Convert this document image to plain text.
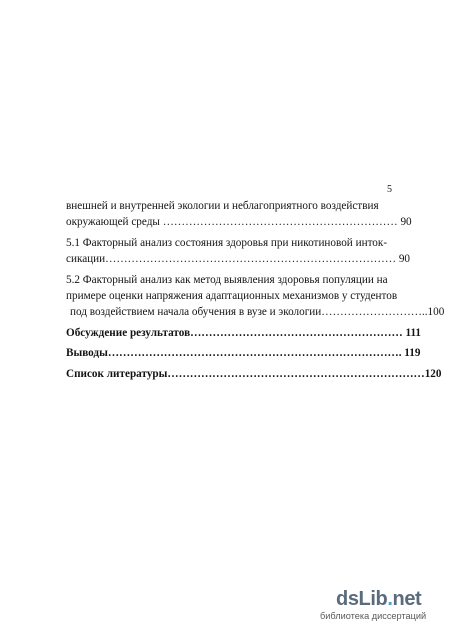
5
внешней и внутренней экологии и неблагоприятного воздействия
окружающей среды ……………………………………………………… 90
5.1 Факторный анализ состояния здоровья при никотиновой инток-
сикации…………………………………………………………………… 90
5.2 Факторный анализ как метод выявления здоровья популяции на
примере оценки напряжения адаптационных механизмов у студентов
под воздействием начала обучения в вузе и экологии………………………..100
Обсуждение результатов………………………………………………… 111
Выводы……………………………………………………………………. 119
Список литературы……………………………………………………………120
dsLib.net
библиотека диссертаций
